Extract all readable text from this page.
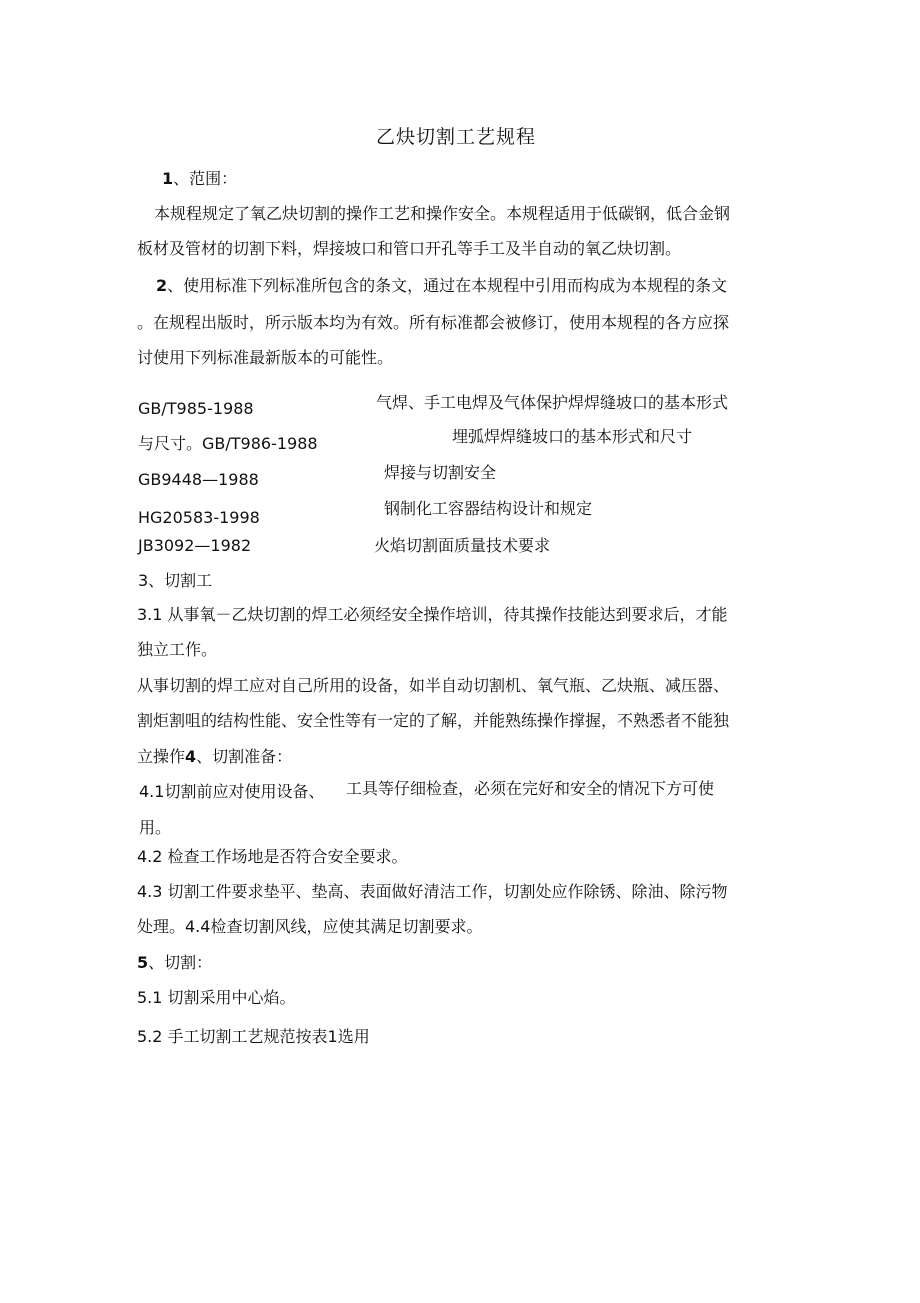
乙炔切割工艺规程
1、范围：
本规程规定了氧乙炔切割的操作工艺和操作安全。本规程适用于低碳钢，低合金钢
板材及管材的切割下料，焊接坡口和管口开孔等手工及半自动的氧乙炔切割。
2、使用标准下列标准所包含的条文，通过在本规程中引用而构成为本规程的条文
。在规程出版时，所示版本均为有效。所有标准都会被修订，使用本规程的各方应探
讨使用下列标准最新版本的可能性。
GB/T985-1988	气焊、手工电焊及气体保护焊焊缝坡口的基本形式
与尺寸。GB/T986-1988	埋弧焊焊缝坡口的基本形式和尺寸
GB9448—1988	焊接与切割安全
HG20583-1998	钢制化工容器结构设计和规定
JB3092—1982	火焰切割面质量技术要求
3、切割工
3.1 从事氧－乙炔切割的焊工必须经安全操作培训，待其操作技能达到要求后，才能
独立工作。
从事切割的焊工应对自己所用的设备，如半自动切割机、氧气瓶、乙炔瓶、减压器、
割炬割咀的结构性能、安全性等有一定的了解，并能熟练操作撑握，不熟悉者不能独
立操作4、切割准备：
4.1切割前应对使用设备、 工具等仔细检查，必须在完好和安全的情况下方可使
用。
4.2 检查工作场地是否符合安全要求。
4.3 切割工件要求垫平、垫高、表面做好清洁工作，切割处应作除锈、除油、除污物
处理。4.4检查切割风线，应使其满足切割要求。
5、切割：
5.1 切割采用中心焰。
5.2 手工切割工艺规范按表1选用
